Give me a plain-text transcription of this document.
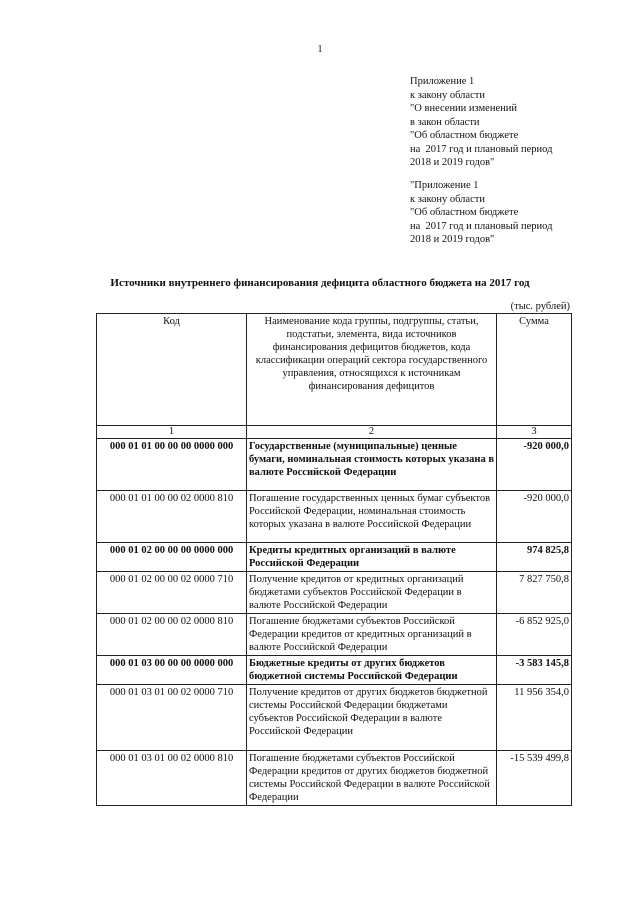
1
Приложение 1
к закону области
"О внесении изменений
в закон области
"Об областном бюджете
на  2017 год и плановый период
2018 и 2019 годов"
"Приложение 1
к закону области
"Об областном бюджете
на  2017 год и плановый период
2018 и 2019 годов"
Источники внутреннего финансирования дефицита областного бюджета на 2017 год
(тыс. рублей)
Код	Наименование кода группы, подгруппы, статьи, подстатьи, элемента, вида источников финансирования дефицитов бюджетов, кода классификации операций сектора государственного управления, относящихся к источникам финансирования дефицитов	Сумма
1	2	3
000 01 01 00 00 00 0000 000	Государственные (муниципальные) ценные бумаги, номинальная стоимость которых указана в валюте Российской Федерации	-920 000,0
000 01 01 00 00 02 0000 810	Погашение государственных ценных бумаг субъектов Российской Федерации, номинальная стоимость которых указана в валюте Российской Федерации	-920 000,0
000 01 02 00 00 00 0000 000	Кредиты кредитных организаций в валюте Российской Федерации	974 825,8
000 01 02 00 00 02 0000 710	Получение кредитов от кредитных организаций бюджетами субъектов Российской Федерации в валюте Российской Федерации	7 827 750,8
000 01 02 00 00 02 0000 810	Погашение бюджетами субъектов Российской Федерации кредитов от кредитных организаций в валюте Российской Федерации	-6 852 925,0
000 01 03 00 00 00 0000 000	Бюджетные кредиты от других бюджетов бюджетной системы Российской Федерации	-3 583 145,8
000 01 03 01 00 02 0000 710	Получение кредитов от других бюджетов бюджетной системы Российской Федерации бюджетами субъектов Российской Федерации в валюте Российской Федерации	11 956 354,0
000 01 03 01 00 02 0000 810	Погашение бюджетами субъектов Российской Федерации кредитов от других бюджетов бюджетной системы Российской Федерации в валюте Российской Федерации	-15 539 499,8
